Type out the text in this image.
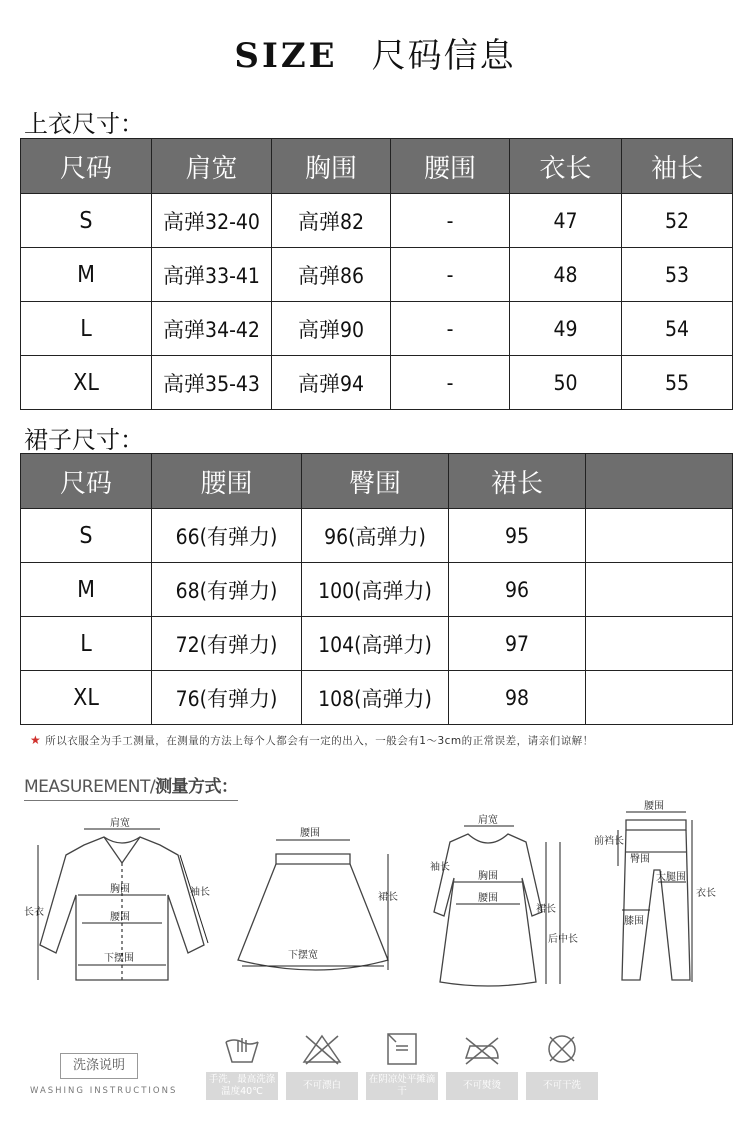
SIZE 尺码信息
上衣尺寸：
尺码	肩宽	胸围	腰围	衣长	袖长
S	高弹32-40	高弹82	-	47	52
M	高弹33-41	高弹86	-	48	53
L	高弹34-42	高弹90	-	49	54
XL	高弹35-43	高弹94	-	50	55
裙子尺寸：
尺码	腰围	臀围	裙长	
S	66(有弹力)	96(高弹力)	95	
M	68(有弹力)	100(高弹力)	96	
L	72(有弹力)	104(高弹力)	97	
XL	76(有弹力)	108(高弹力)	98	
★ 所以衣服全为手工测量，在测量的方法上每个人都会有一定的出入，一般会有1～3cm的正常误差，请亲们谅解！
MEASUREMENT/测量方式：
肩宽
胸围
腰围
下摆围
长衣
袖长
腰围
下摆宽
裙长
肩宽
袖长
胸围
腰围
裙长
后中长
腰围
前裆长
臀围
大腿围
膝围
衣长
洗涤说明
WASHING INSTRUCTIONS
手洗，最高洗涤温度40℃
不可漂白
在阴凉处平摊滴干
不可熨烫	不可干洗
